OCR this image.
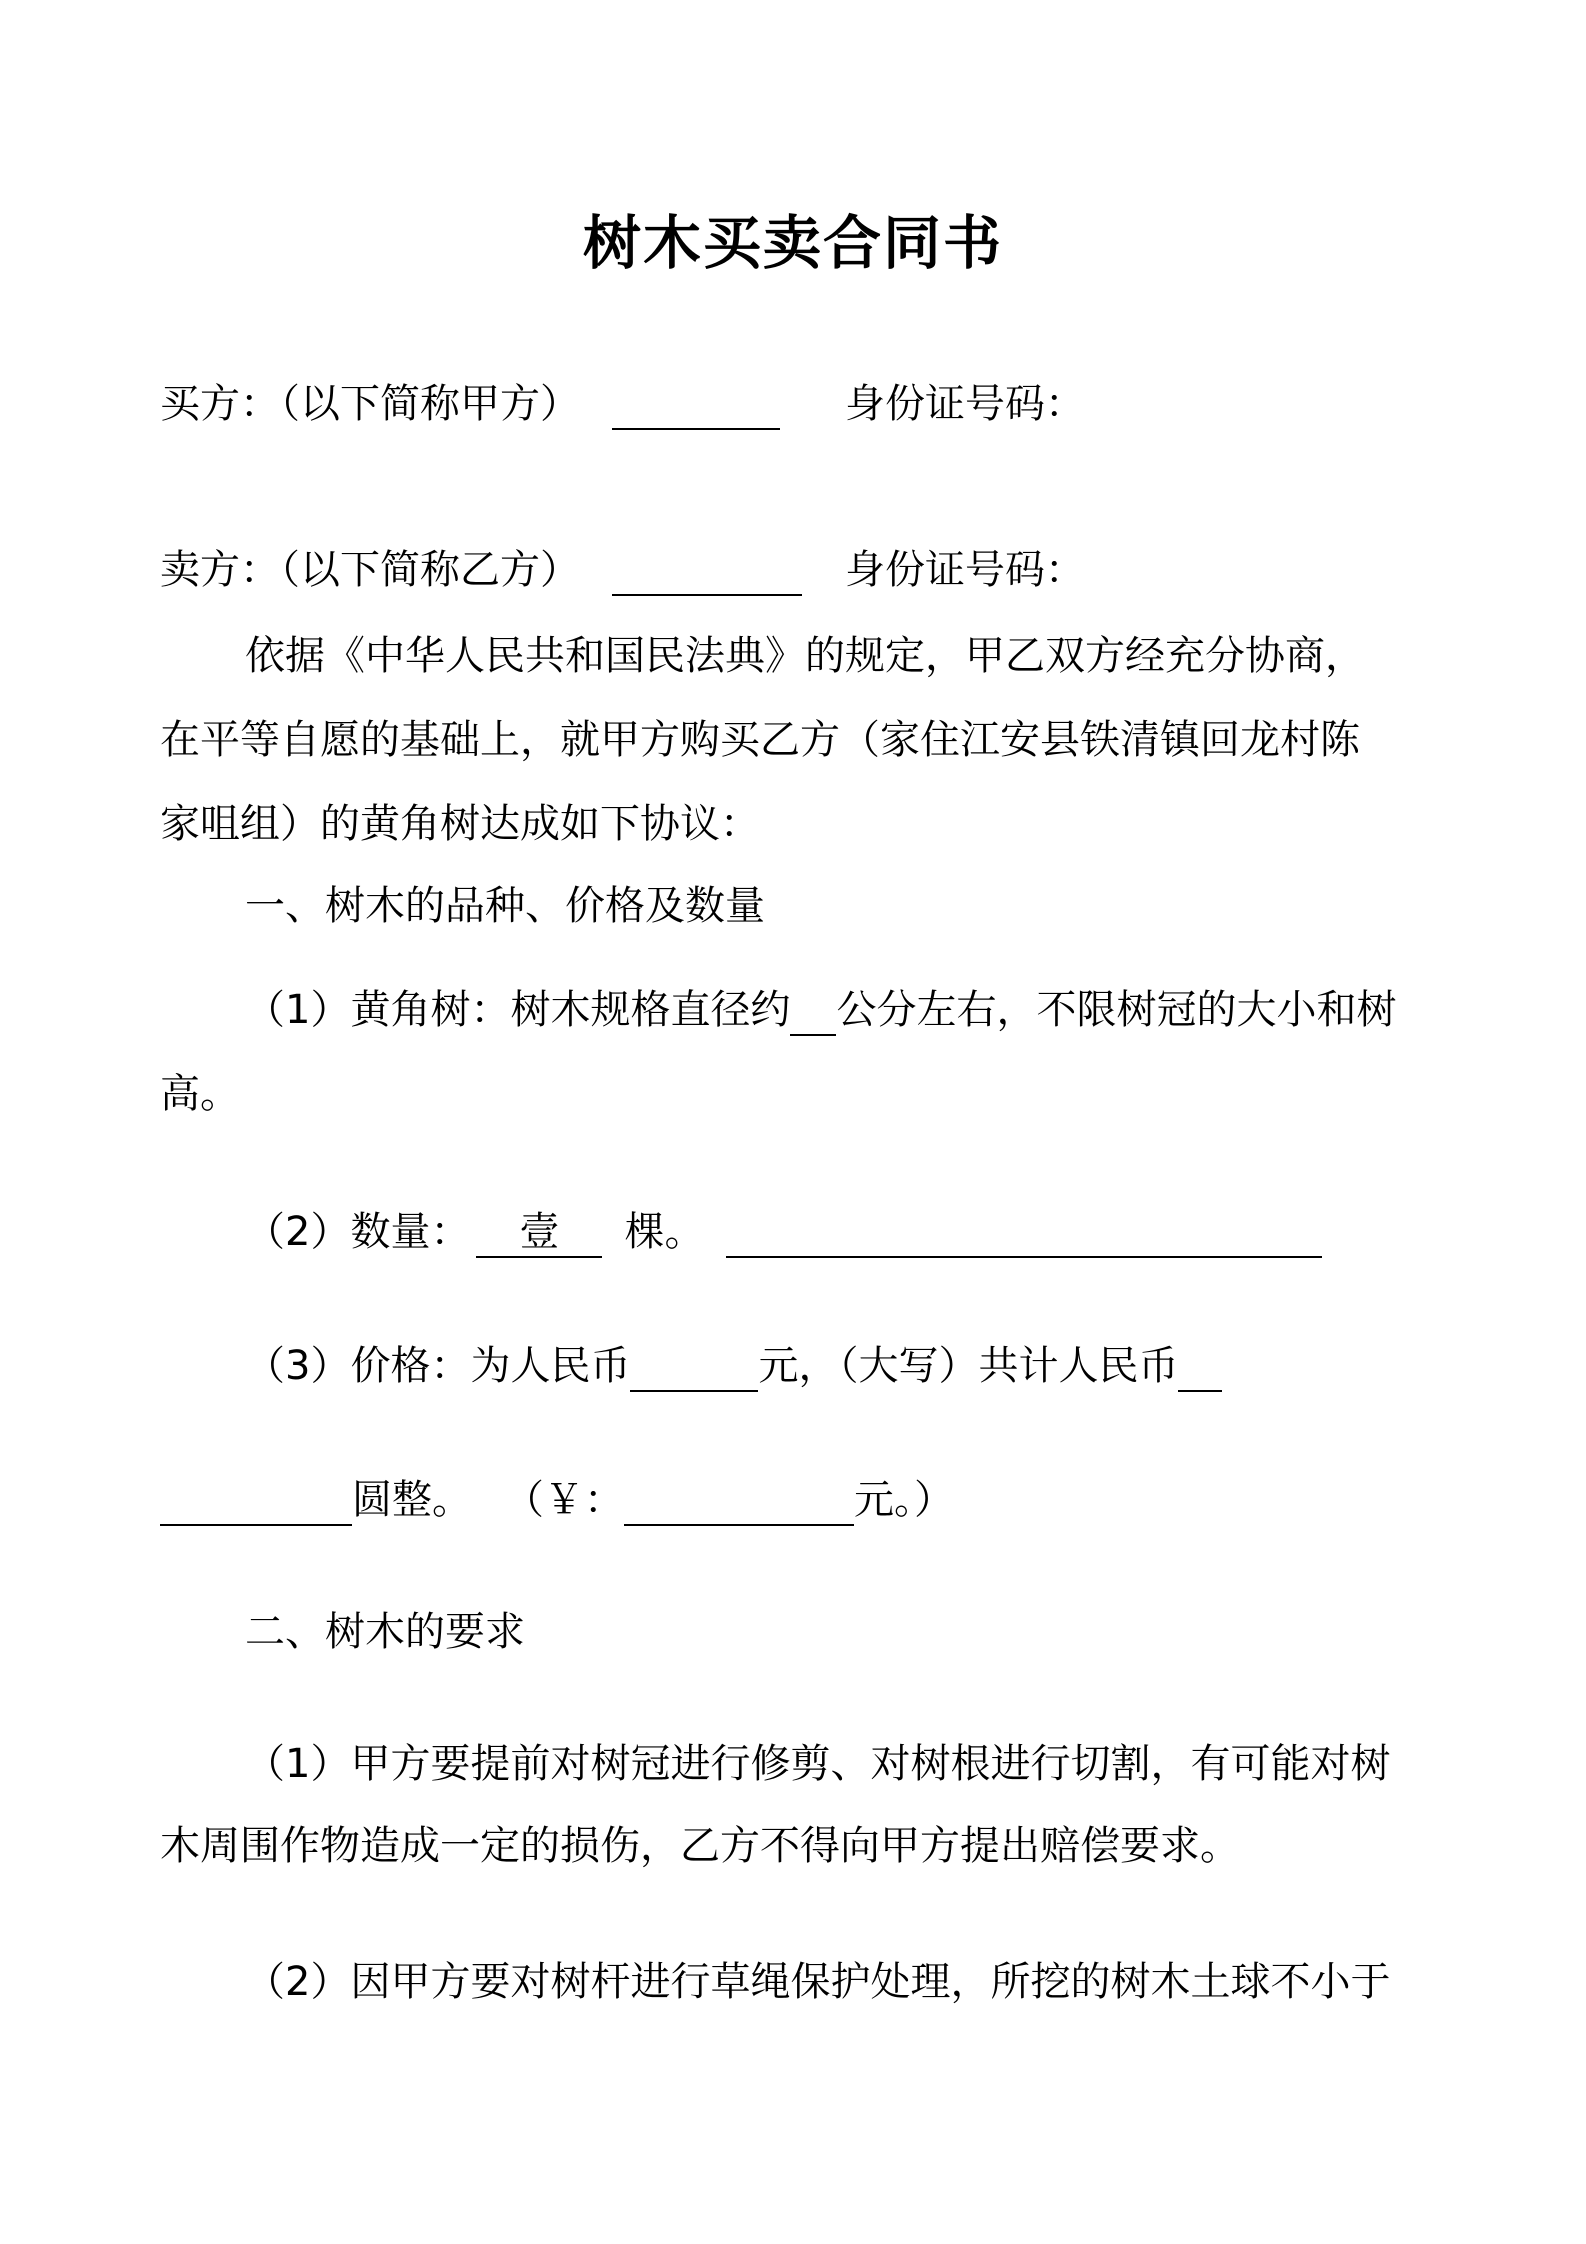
树木买卖合同书
买方：（以下简称甲方）	身份证号码：
卖方：（以下简称乙方）	身份证号码：
依据《中华人民共和国民法典》的规定，甲乙双方经充分协商，
在平等自愿的基础上，就甲方购买乙方（家住江安县铁清镇回龙村陈
家咀组）的黄角树达成如下协议：
一、树木的品种、价格及数量
（1）黄角树：树木规格直径约 公分左右，不限树冠的大小和树
高。
（2）数量： 壹 棵。
（3）价格：为人民币	元，（大写）共计人民币
圆整。 （￥：	元。）
二、树木的要求
（1）甲方要提前对树冠进行修剪、对树根进行切割，有可能对树
木周围作物造成一定的损伤，乙方不得向甲方提出赔偿要求。
（2）因甲方要对树杆进行草绳保护处理，所挖的树木土球不小于
